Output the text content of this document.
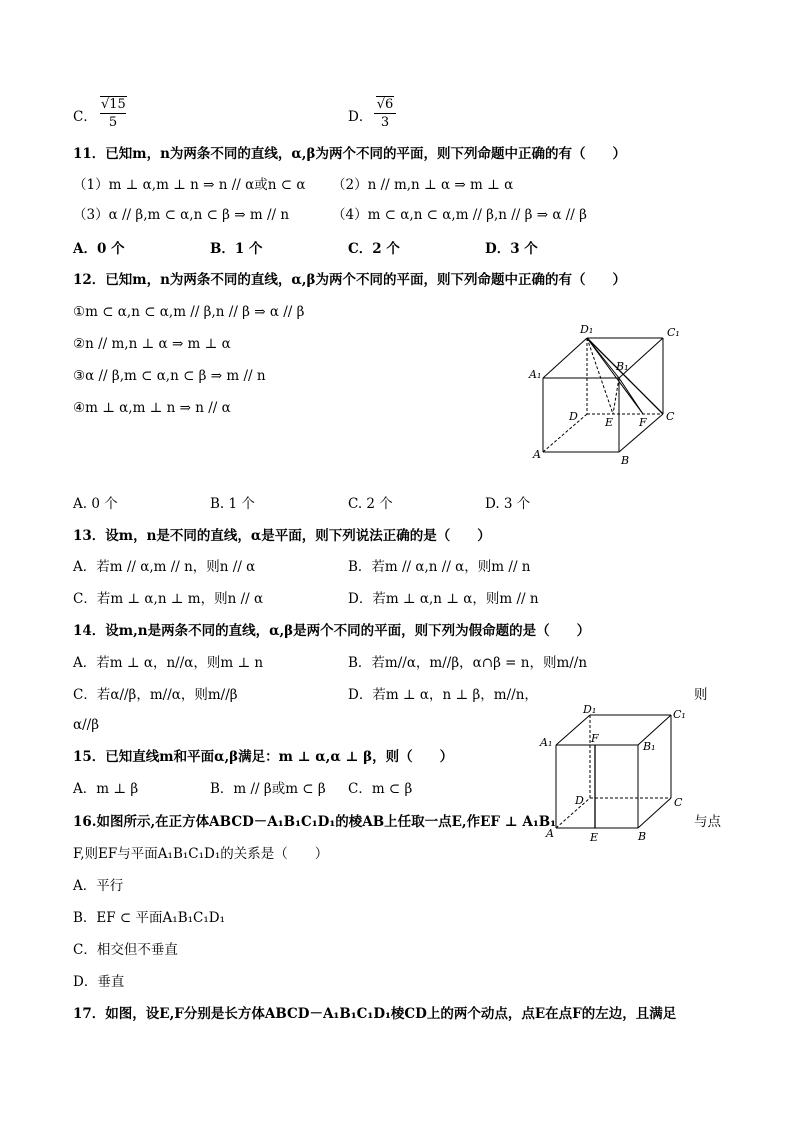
C．
√15
5	D．
√6
3
11．已知m，n为两条不同的直线，α,β为两个不同的平面，则下列命题中正确的有（　　）
（1）m ⊥ α,m ⊥ n ⇒ n // α或n ⊂ α （2）n // m,n ⊥ α ⇒ m ⊥ α
（3）α // β,m ⊂ α,n ⊂ β ⇒ m // n	（4）m ⊂ α,n ⊂ α,m // β,n // β ⇒ α // β
A．0 个	B．1 个	C．2 个	D．3 个
12．已知m，n为两条不同的直线，α,β为两个不同的平面，则下列命题中正确的有（　　）
①m ⊂ α,n ⊂ α,m // β,n // β ⇒ α // β
②n // m,n ⊥ α ⇒ m ⊥ α
③α // β,m ⊂ α,n ⊂ β ⇒ m // n
④m ⊥ α,m ⊥ n ⇒ n // α
D₁	C₁
A₁
B₁
D E F C
A	B
A. 0 个	B. 1 个	C. 2 个	D. 3 个
13．设m，n是不同的直线，α是平面，则下列说法正确的是（　　）
A．若m // α,m // n，则n // α	B．若m // α,n // α，则m // n
C．若m ⊥ α,n ⊥ m，则n // α	D．若m ⊥ α,n ⊥ α，则m // n
14．设m,n是两条不同的直线，α,β是两个不同的平面，则下列为假命题的是（　　）
A．若m ⊥ α，n//α，则m ⊥ n	B．若m//α，m//β，α∩β = n，则m//n
C．若α//β，m//α，则m//β	D．若m ⊥ α，n ⊥ β，m//n，	则
α//β
D₁	C₁
A₁	F
B₁
D	C
A	E	B
15．已知直线m和平面α,β满足：m ⊥ α,α ⊥ β，则（　　）
A．m ⊥ β	B．m // β或m ⊂ β C．m ⊂ β
16.如图所示,在正方体ABCD－A₁B₁C₁D₁的棱AB上任取一点E,作EF ⊥ A₁B₁	与点
F,则EF与平面A₁B₁C₁D₁的关系是（　　）
A．平行
B．EF ⊂ 平面A₁B₁C₁D₁
C．相交但不垂直
D．垂直
17．如图，设E,F分别是长方体ABCD－A₁B₁C₁D₁棱CD上的两个动点，点E在点F的左边，且满足
